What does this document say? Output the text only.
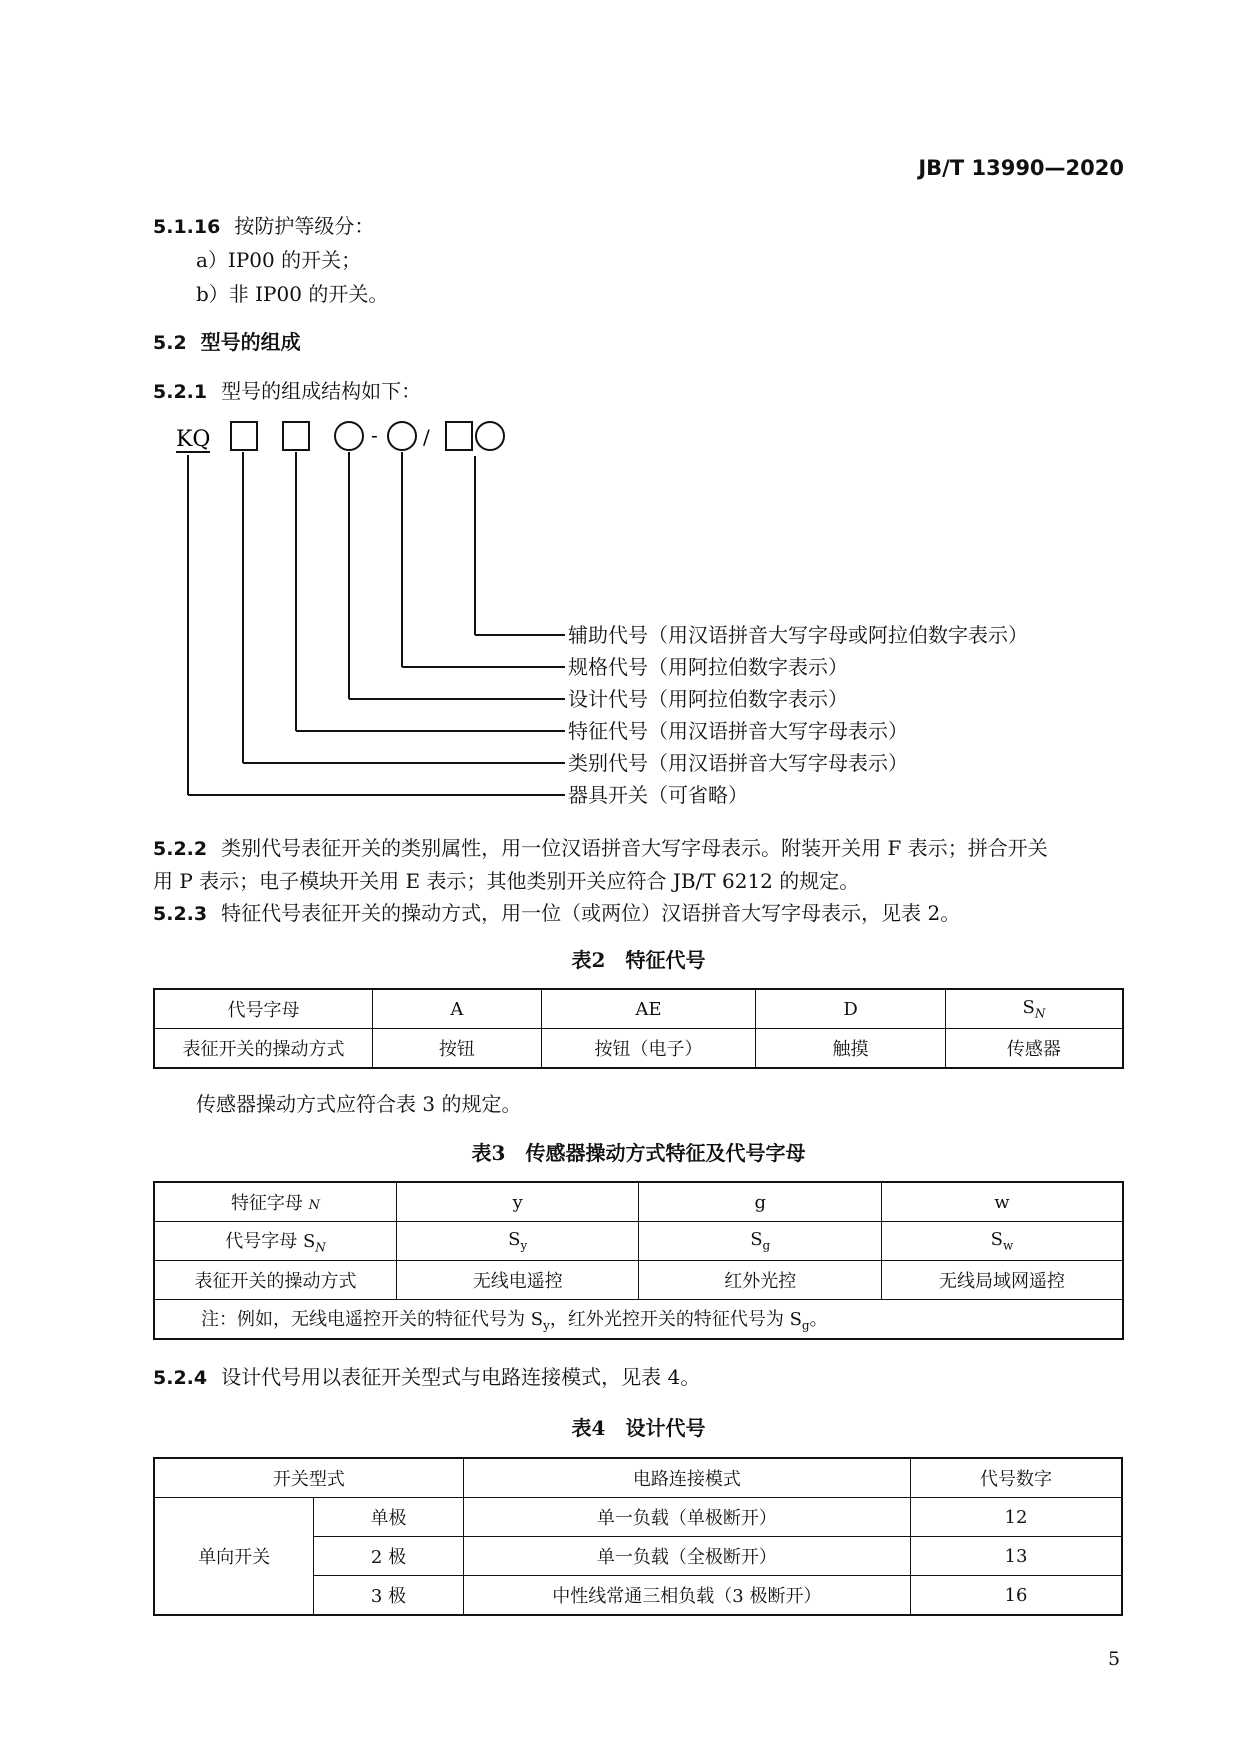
JB/T 13990—2020
5.1.16 按防护等级分：
a）IP00 的开关；
b）非 IP00 的开关。
5.2 型号的组成
5.2.1 型号的组成结构如下：
KQ	- /
辅助代号（用汉语拼音大写字母或阿拉伯数字表示）
规格代号（用阿拉伯数字表示）
设计代号（用阿拉伯数字表示）
特征代号（用汉语拼音大写字母表示）
类别代号（用汉语拼音大写字母表示）
器具开关（可省略）
5.2.2 类别代号表征开关的类别属性，用一位汉语拼音大写字母表示。附装开关用 F 表示；拼合开关
用 P 表示；电子模块开关用 E 表示；其他类别开关应符合 JB/T 6212 的规定。
5.2.3 特征代号表征开关的操动方式，用一位（或两位）汉语拼音大写字母表示，见表 2。
表2　特征代号
代号字母	A	AE	D	$S_N$
表征开关的操动方式	按钮	按钮（电子）	触摸	传感器
传感器操动方式应符合表 3 的规定。
表3　传感器操动方式特征及代号字母
特征字母 N	y	g	w
代号字母 $S_N$	$S_y$	$S_g$	$S_w$
表征开关的操动方式	无线电遥控	红外光控	无线局域网遥控
注：例如，无线电遥控开关的特征代号为 $S_y$，红外光控开关的特征代号为 $S_g$。			
5.2.4 设计代号用以表征开关型式与电路连接模式，见表 4。
表4　设计代号
开关型式		电路连接模式	代号数字
单向开关	单极	单一负载（单极断开）	12
	2 极	单一负载（全极断开）	13
	3 极	中性线常通三相负载（3 极断开）	16
5
